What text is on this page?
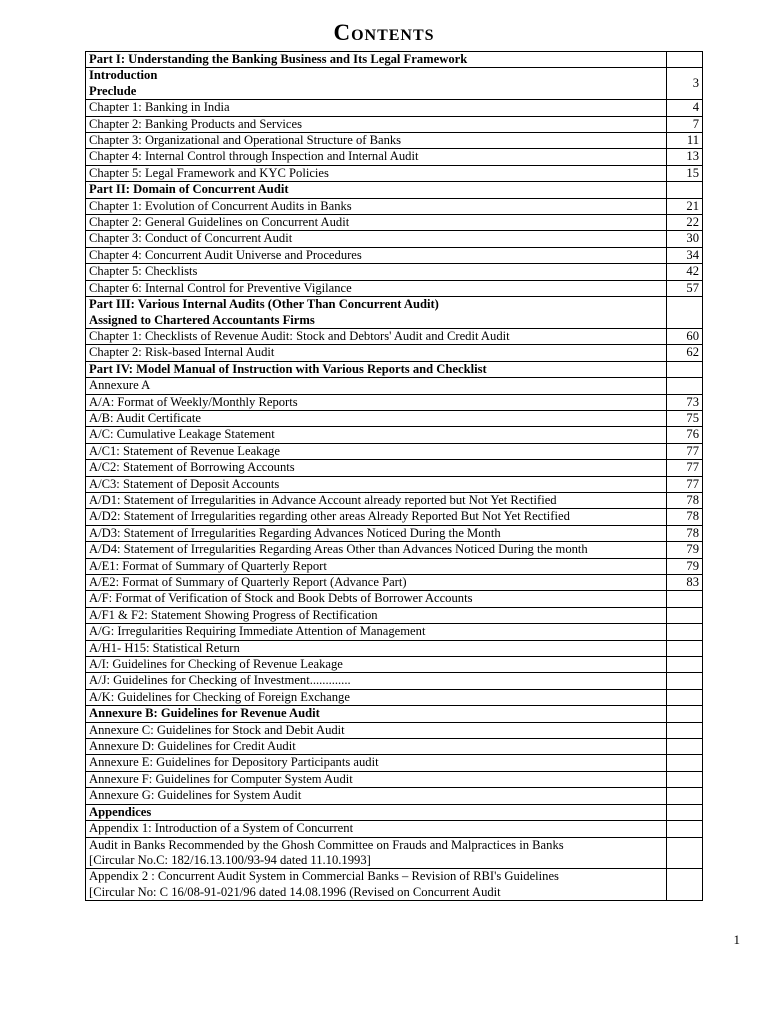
Contents
Part I: Understanding the Banking Business and Its Legal Framework	
Introduction
Preclude	3
Chapter 1: Banking in India	4
Chapter 2: Banking Products and Services	7
Chapter 3: Organizational and Operational Structure of Banks	11
Chapter 4: Internal Control through Inspection and Internal Audit	13
Chapter 5: Legal Framework and KYC Policies	15
Part II: Domain of Concurrent Audit	
Chapter 1: Evolution of Concurrent Audits in Banks	21
Chapter 2: General Guidelines on Concurrent Audit	22
Chapter 3: Conduct of Concurrent Audit	30
Chapter 4: Concurrent Audit Universe and Procedures	34
Chapter 5: Checklists	42
Chapter 6: Internal Control for Preventive Vigilance	57
Part III: Various Internal Audits (Other Than Concurrent Audit)
Assigned to Chartered Accountants Firms	

Chapter 1: Checklists of Revenue Audit: Stock and Debtors' Audit and Credit Audit	60
Chapter 2: Risk-based Internal Audit	62
Part IV: Model Manual of Instruction with Various Reports and Checklist	
Annexure A	
A/A: Format of Weekly/Monthly Reports	73
A/B: Audit Certificate	75
A/C: Cumulative Leakage Statement	76
A/C1: Statement of Revenue Leakage	77
A/C2: Statement of Borrowing Accounts	77
A/C3: Statement of Deposit Accounts	77
A/D1: Statement of Irregularities in Advance Account already reported but Not Yet Rectified	78
A/D2: Statement of Irregularities regarding other areas Already Reported But Not Yet Rectified	78
A/D3: Statement of Irregularities Regarding Advances Noticed During the Month	78
A/D4: Statement of Irregularities Regarding Areas Other than Advances Noticed During the month	79
A/E1: Format of Summary of Quarterly Report	79
A/E2: Format of Summary of Quarterly Report (Advance Part)	83
A/F: Format of Verification of Stock and Book Debts of Borrower Accounts	
A/F1 & F2: Statement Showing Progress of Rectification	
A/G: Irregularities Requiring Immediate Attention of Management	
A/H1- H15: Statistical Return	
A/I: Guidelines for Checking of Revenue Leakage	
A/J: Guidelines for Checking of Investment.............	
A/K: Guidelines for Checking of Foreign Exchange	
Annexure B: Guidelines for Revenue Audit	
Annexure C: Guidelines for Stock and Debit Audit	
Annexure D: Guidelines for Credit Audit	
Annexure E: Guidelines for Depository Participants audit	
Annexure F: Guidelines for Computer System Audit	
Annexure G: Guidelines for System Audit	
Appendices	
Appendix 1: Introduction of a System of Concurrent	
Audit in Banks Recommended by the Ghosh Committee on Frauds and Malpractices in Banks
[Circular No.C: 182/16.13.100/93-94 dated 11.10.1993]	

Appendix 2 : Concurrent Audit System in Commercial Banks – Revision of RBI's Guidelines
[Circular No: C 16/08-91-021/96 dated 14.08.1996 (Revised on Concurrent Audit	

1
